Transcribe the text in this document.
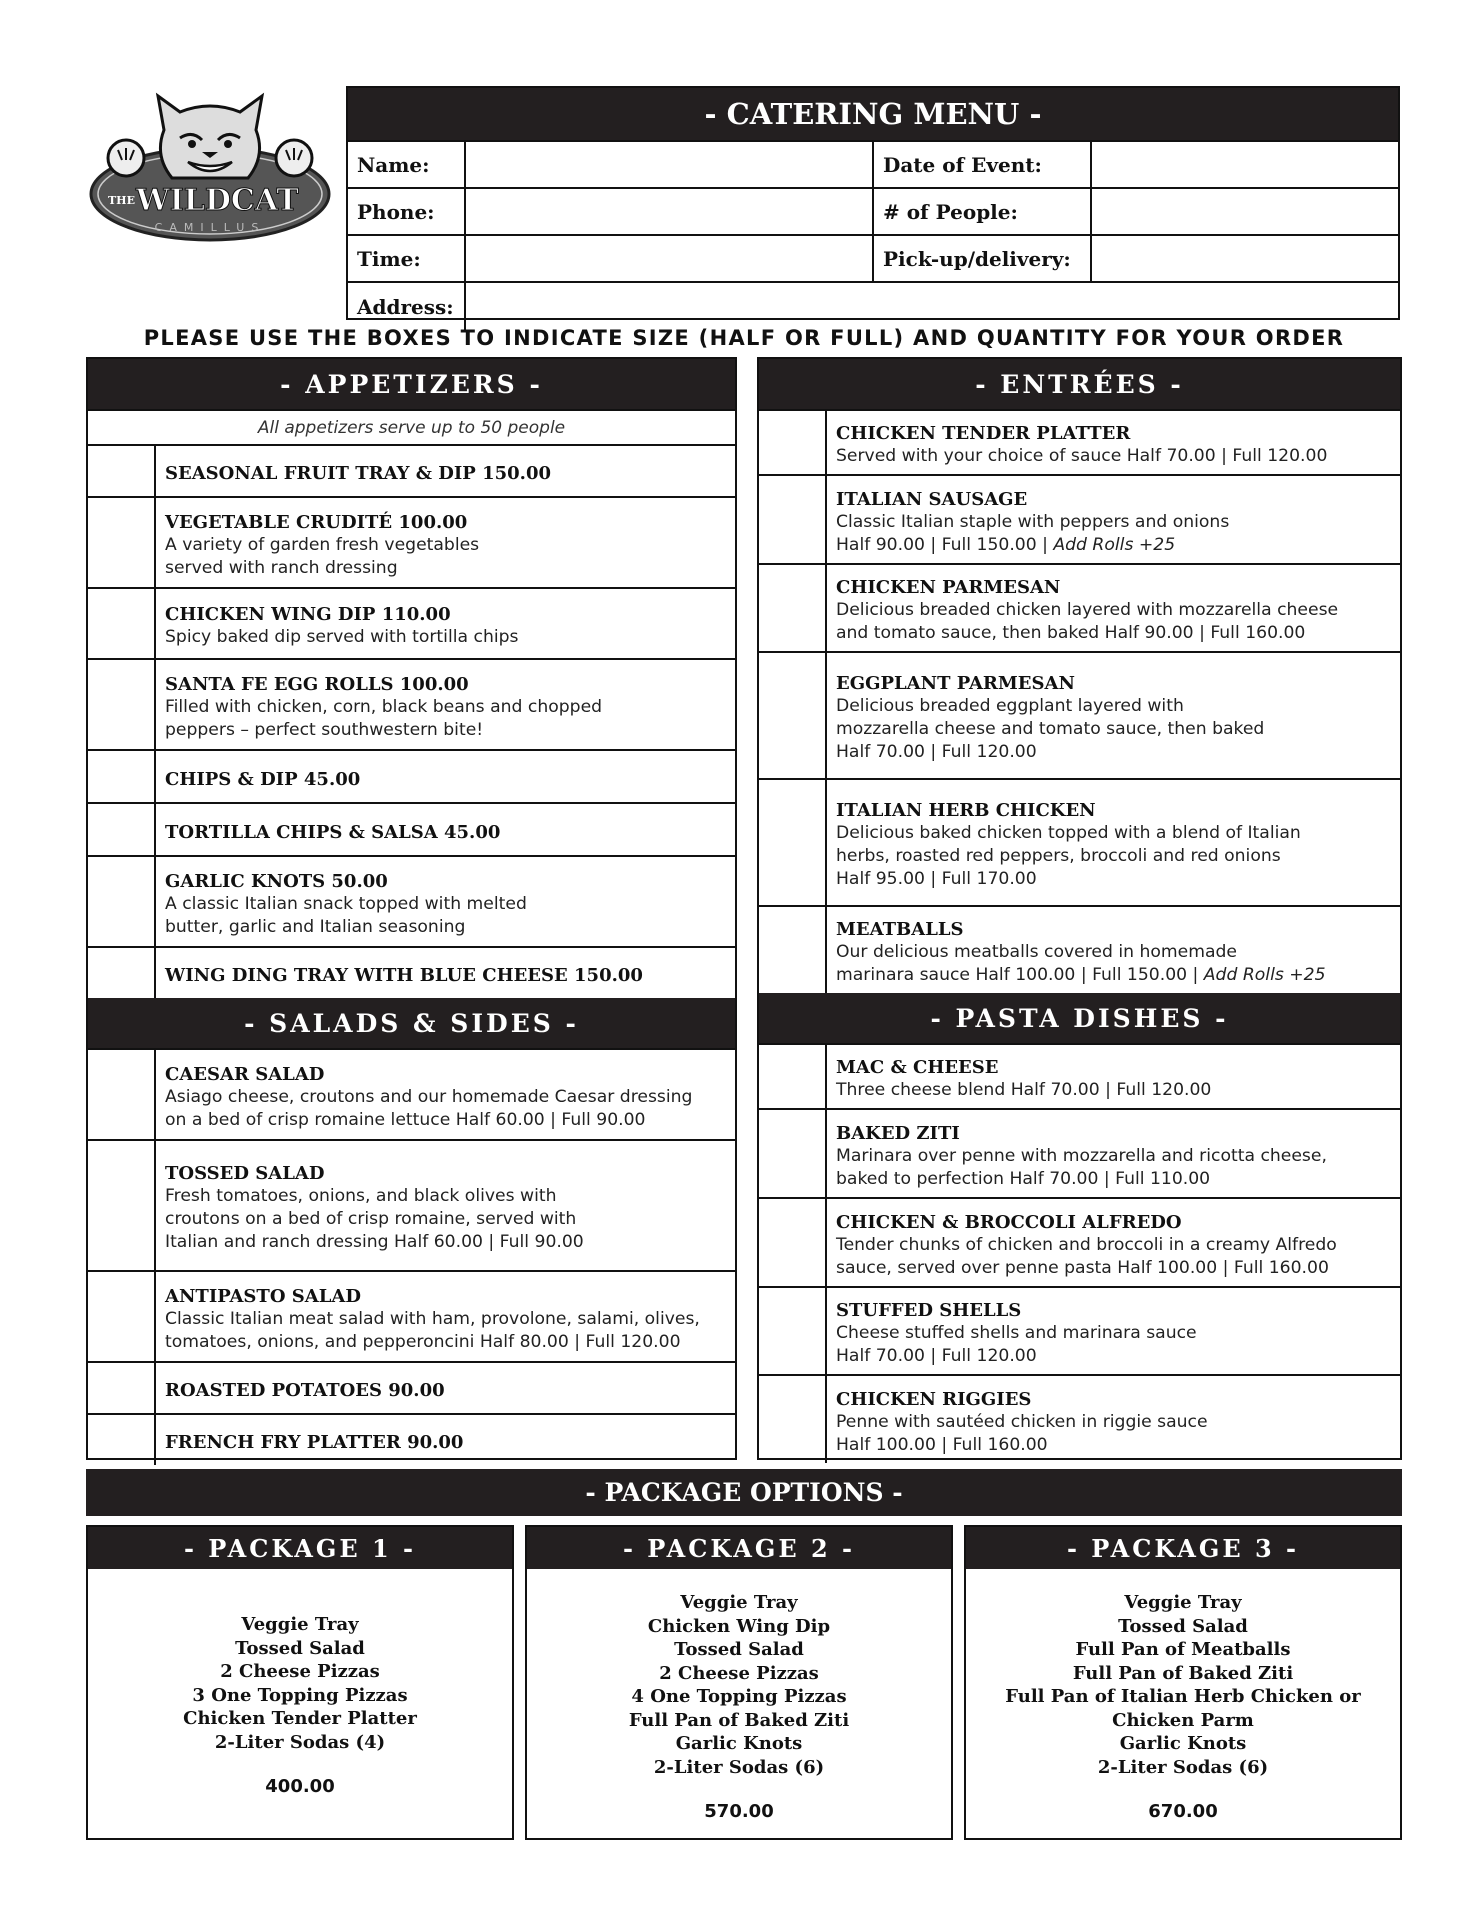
THE WILDCAT
CAMILLUS
- CATERING MENU -
Name:	Date of Event:
Phone:	# of People:
Time:	Pick-up/delivery:
Address:
PLEASE USE THE BOXES TO INDICATE SIZE (HALF OR FULL) AND QUANTITY FOR YOUR ORDER
- APPETIZERS -
All appetizers serve up to 50 people
SEASONAL FRUIT TRAY & DIP 150.00
VEGETABLE CRUDITÉ 100.00
A variety of garden fresh vegetables
served with ranch dressing
CHICKEN WING DIP 110.00
Spicy baked dip served with tortilla chips
SANTA FE EGG ROLLS 100.00
Filled with chicken, corn, black beans and chopped
peppers – perfect southwestern bite!
CHIPS & DIP 45.00
TORTILLA CHIPS & SALSA 45.00
GARLIC KNOTS 50.00
A classic Italian snack topped with melted
butter, garlic and Italian seasoning
WING DING TRAY WITH BLUE CHEESE 150.00
- SALADS & SIDES -
CAESAR SALAD
Asiago cheese, croutons and our homemade Caesar dressing
on a bed of crisp romaine lettuce Half 60.00 | Full 90.00
TOSSED SALAD
Fresh tomatoes, onions, and black olives with
croutons on a bed of crisp romaine, served with
Italian and ranch dressing Half 60.00 | Full 90.00
ANTIPASTO SALAD
Classic Italian meat salad with ham, provolone, salami, olives,
tomatoes, onions, and pepperoncini Half 80.00 | Full 120.00
ROASTED POTATOES 90.00
FRENCH FRY PLATTER 90.00
- ENTRÉES -
CHICKEN TENDER PLATTER
Served with your choice of sauce Half 70.00 | Full 120.00
ITALIAN SAUSAGE
Classic Italian staple with peppers and onions
Half 90.00 | Full 150.00 | Add Rolls +25
CHICKEN PARMESAN
Delicious breaded chicken layered with mozzarella cheese
and tomato sauce, then baked Half 90.00 | Full 160.00
EGGPLANT PARMESAN
Delicious breaded eggplant layered with
mozzarella cheese and tomato sauce, then baked
Half 70.00 | Full 120.00
ITALIAN HERB CHICKEN
Delicious baked chicken topped with a blend of Italian
herbs, roasted red peppers, broccoli and red onions
Half 95.00 | Full 170.00
MEATBALLS
Our delicious meatballs covered in homemade
marinara sauce Half 100.00 | Full 150.00 | Add Rolls +25
- PASTA DISHES -
MAC & CHEESE
Three cheese blend Half 70.00 | Full 120.00
BAKED ZITI
Marinara over penne with mozzarella and ricotta cheese,
baked to perfection Half 70.00 | Full 110.00
CHICKEN & BROCCOLI ALFREDO
Tender chunks of chicken and broccoli in a creamy Alfredo
sauce, served over penne pasta Half 100.00 | Full 160.00
STUFFED SHELLS
Cheese stuffed shells and marinara sauce
Half 70.00 | Full 120.00
CHICKEN RIGGIES
Penne with sautéed chicken in riggie sauce
Half 100.00 | Full 160.00
- PACKAGE OPTIONS -
- PACKAGE 1 -
Veggie Tray
Tossed Salad
2 Cheese Pizzas
3 One Topping Pizzas
Chicken Tender Platter
2-Liter Sodas (4)
400.00
- PACKAGE 2 -
Veggie Tray
Chicken Wing Dip
Tossed Salad
2 Cheese Pizzas
4 One Topping Pizzas
Full Pan of Baked Ziti
Garlic Knots
2-Liter Sodas (6)
570.00
- PACKAGE 3 -
Veggie Tray
Tossed Salad
Full Pan of Meatballs
Full Pan of Baked Ziti
Full Pan of Italian Herb Chicken or
Chicken Parm
Garlic Knots
2-Liter Sodas (6)
670.00
